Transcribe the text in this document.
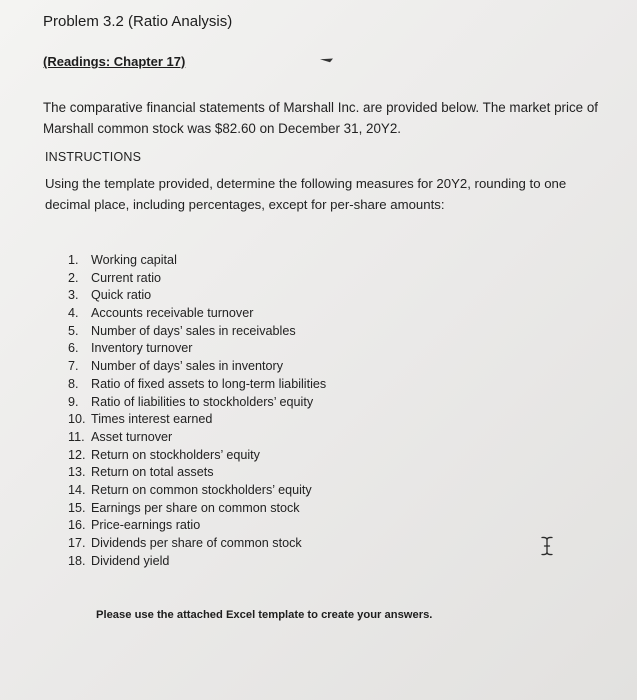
Problem 3.2 (Ratio Analysis)
(Readings: Chapter 17)
The comparative financial statements of Marshall Inc. are provided below. The market price of Marshall common stock was $82.60 on December 31, 20Y2.
INSTRUCTIONS
Using the template provided, determine the following measures for 20Y2, rounding to one decimal place, including percentages, except for per-share amounts:
1. Working capital
2. Current ratio
3. Quick ratio
4. Accounts receivable turnover
5. Number of days’ sales in receivables
6. Inventory turnover
7. Number of days’ sales in inventory
8. Ratio of fixed assets to long-term liabilities
9. Ratio of liabilities to stockholders’ equity
10. Times interest earned
11. Asset turnover
12. Return on stockholders’ equity
13. Return on total assets
14. Return on common stockholders’ equity
15. Earnings per share on common stock
16. Price-earnings ratio
17. Dividends per share of common stock
18. Dividend yield
Please use the attached Excel template to create your answers.
